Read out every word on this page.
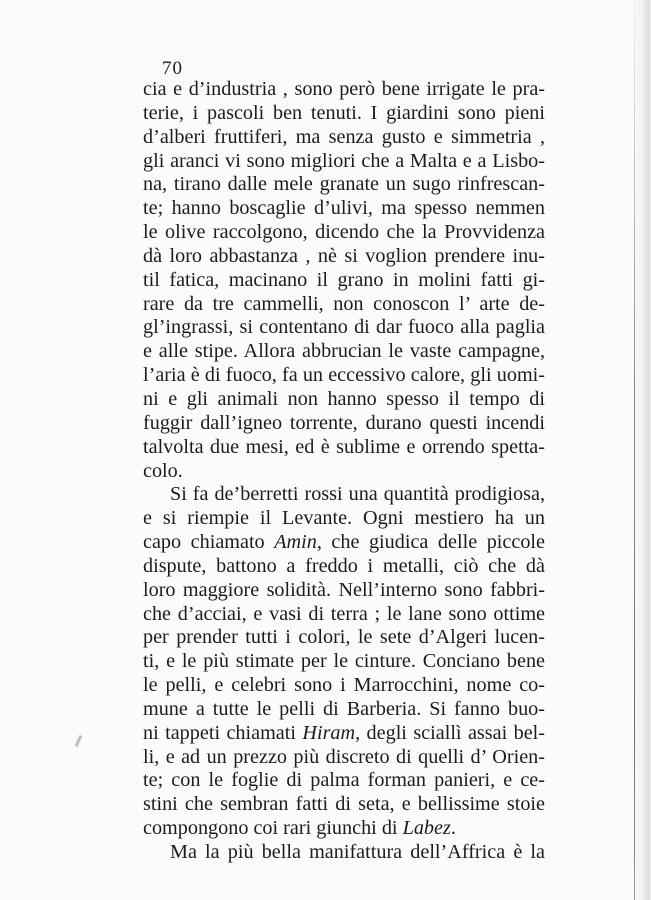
70
cia e d’industria , sono però bene irrigate le pra-
terie, i pascoli ben tenuti. I giardini sono pieni
d’alberi fruttiferi, ma senza gusto e simmetria ,
gli aranci vi sono migliori che a Malta e a Lisbo-
na, tirano dalle mele granate un sugo rinfrescan-
te; hanno boscaglie d’ulivi, ma spesso nemmen
le olive raccolgono, dicendo che la Provvidenza
dà loro abbastanza , nè si voglion prendere inu-
til fatica, macinano il grano in molini fatti gi-
rare da tre cammelli, non conoscon l’ arte de-
gl’ingrassi, si contentano di dar fuoco alla paglia
e alle stipe. Allora abbrucian le vaste campagne,
l’aria è di fuoco, fa un eccessivo calore, gli uomi-
ni e gli animali non hanno spesso il tempo di
fuggir dall’igneo torrente, durano questi incendi
talvolta due mesi, ed è sublime e orrendo spetta-
colo.
Si fa de’berretti rossi una quantità prodigiosa,
e si riempie il Levante. Ogni mestiero ha un
capo chiamato Amin, che giudica delle piccole
dispute, battono a freddo i metalli, ciò che dà
loro maggiore solidità. Nell’interno sono fabbri-
che d’acciai, e vasi di terra ; le lane sono ottime
per prender tutti i colori, le sete d’Algeri lucen-
ti, e le più stimate per le cinture. Conciano bene
le pelli, e celebri sono i Marrocchini, nome co-
mune a tutte le pelli di Barberia. Si fanno buo-
ni tappeti chiamati Hiram, degli sciallì assai bel-
li, e ad un prezzo più discreto di quelli d’ Orien-
te; con le foglie di palma forman panieri, e ce-
stini che sembran fatti di seta, e bellissime stoie
compongono coi rari giunchi di Labez.
Ma la più bella manifattura dell’Affrica è la
